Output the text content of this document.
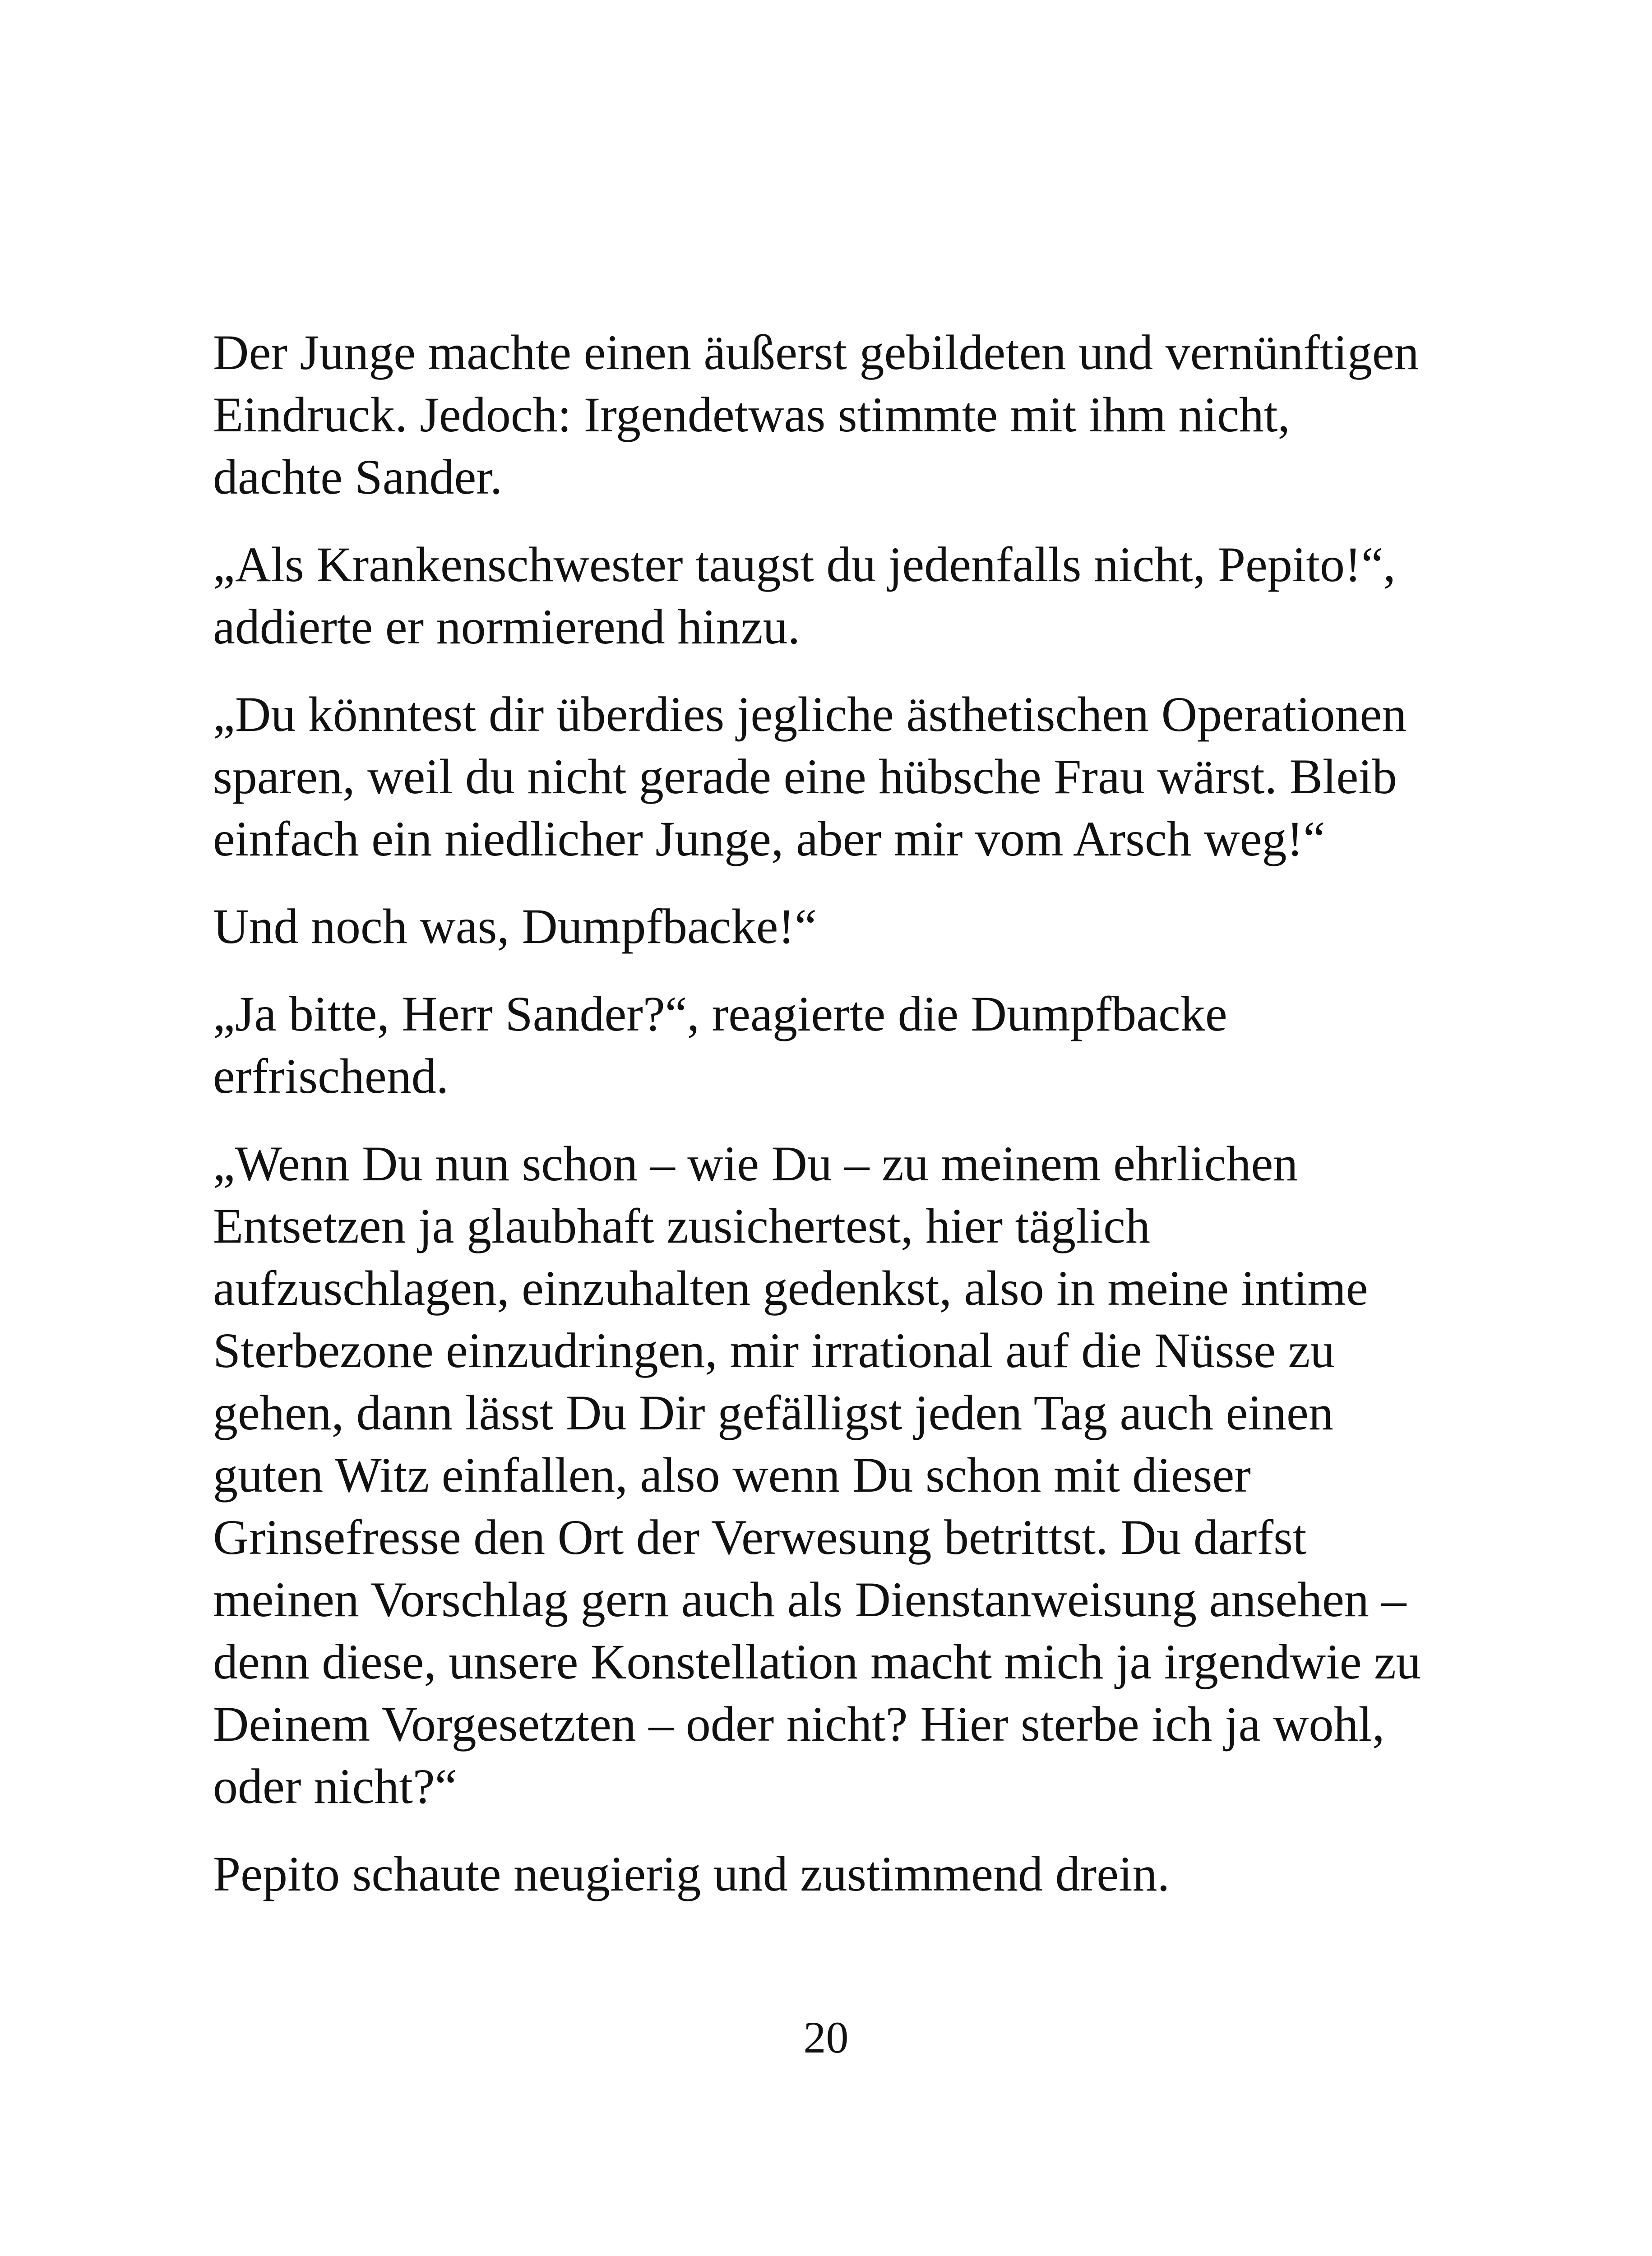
Der Junge machte einen äußerst gebildeten und vernünftigen
Eindruck. Jedoch: Irgendetwas stimmte mit ihm nicht,
dachte Sander.

„Als Krankenschwester taugst du jedenfalls nicht, Pepito!“,
addierte er normierend hinzu.

„Du könntest dir überdies jegliche ästhetischen Operationen
sparen, weil du nicht gerade eine hübsche Frau wärst. Bleib
einfach ein niedlicher Junge, aber mir vom Arsch weg!“

Und noch was, Dumpfbacke!“

„Ja bitte, Herr Sander?“, reagierte die Dumpfbacke
erfrischend.

„Wenn Du nun schon – wie Du – zu meinem ehrlichen
Entsetzen ja glaubhaft zusichertest, hier täglich
aufzuschlagen, einzuhalten gedenkst, also in meine intime
Sterbezone einzudringen, mir irrational auf die Nüsse zu
gehen, dann lässt Du Dir gefälligst jeden Tag auch einen
guten Witz einfallen, also wenn Du schon mit dieser
Grinsefresse den Ort der Verwesung betrittst. Du darfst
meinen Vorschlag gern auch als Dienstanweisung ansehen –
denn diese, unsere Konstellation macht mich ja irgendwie zu
Deinem Vorgesetzten – oder nicht? Hier sterbe ich ja wohl,
oder nicht?“

Pepito schaute neugierig und zustimmend drein.

20
